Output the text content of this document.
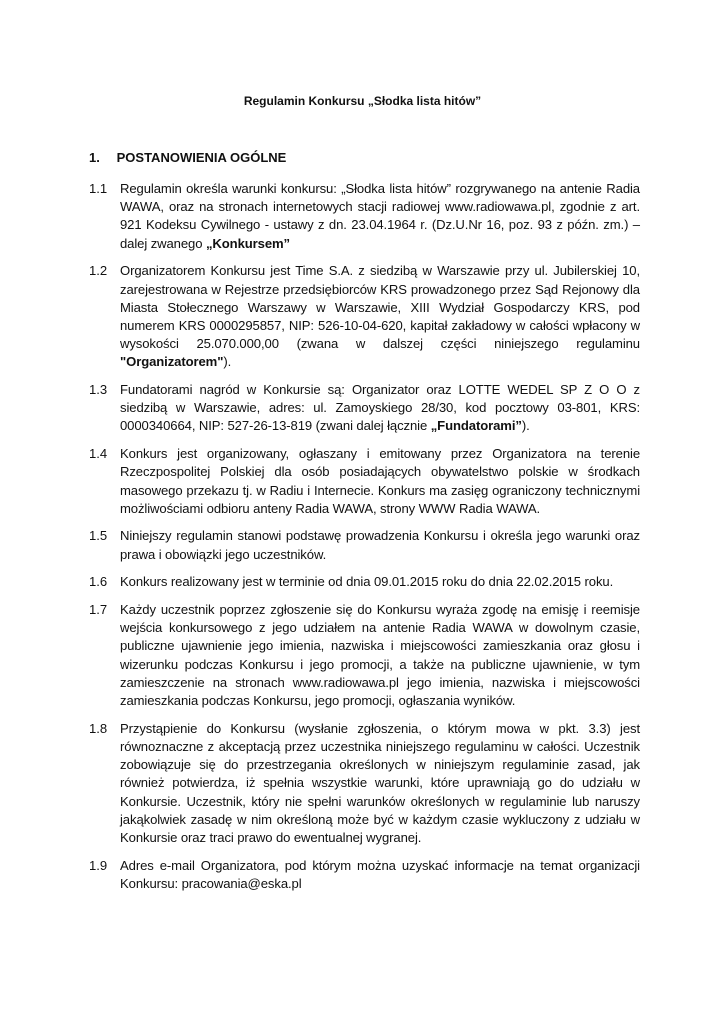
Regulamin Konkursu „Słodka lista hitów”
1. POSTANOWIENIA OGÓLNE
1.1 Regulamin określa warunki konkursu: „Słodka lista hitów” rozgrywanego na antenie Radia WAWA, oraz na stronach internetowych stacji radiowej www.radiowawa.pl, zgodnie z art. 921 Kodeksu Cywilnego - ustawy z dn. 23.04.1964 r. (Dz.U.Nr 16, poz. 93 z późn. zm.) – dalej zwanego „Konkursem”
1.2 Organizatorem Konkursu jest Time S.A. z siedzibą w Warszawie przy ul. Jubilerskiej 10, zarejestrowana w Rejestrze przedsiębiorców KRS prowadzonego przez Sąd Rejonowy dla Miasta Stołecznego Warszawy w Warszawie, XIII Wydział Gospodarczy KRS, pod numerem KRS 0000295857, NIP: 526-10-04-620, kapitał zakładowy w całości wpłacony w wysokości 25.070.000,00 (zwana w dalszej części niniejszego regulaminu "Organizatorem").
1.3 Fundatorami nagród w Konkursie są: Organizator oraz LOTTE WEDEL SP Z O O z siedzibą w Warszawie, adres: ul. Zamoyskiego 28/30, kod pocztowy 03-801, KRS: 0000340664, NIP: 527-26-13-819 (zwani dalej łącznie „Fundatorami”).
1.4 Konkurs jest organizowany, ogłaszany i emitowany przez Organizatora na terenie Rzeczpospolitej Polskiej dla osób posiadających obywatelstwo polskie w środkach masowego przekazu tj. w Radiu i Internecie. Konkurs ma zasięg ograniczony technicznymi możliwościami odbioru anteny Radia WAWA, strony WWW Radia WAWA.
1.5 Niniejszy regulamin stanowi podstawę prowadzenia Konkursu i określa jego warunki oraz prawa i obowiązki jego uczestników.
1.6 Konkurs realizowany jest w terminie od dnia 09.01.2015 roku do dnia 22.02.2015 roku.
1.7 Każdy uczestnik poprzez zgłoszenie się do Konkursu wyraża zgodę na emisję i reemisje wejścia konkursowego z jego udziałem na antenie Radia WAWA w dowolnym czasie, publiczne ujawnienie jego imienia, nazwiska i miejscowości zamieszkania oraz głosu i wizerunku podczas Konkursu i jego promocji, a także na publiczne ujawnienie, w tym zamieszczenie na stronach www.radiowawa.pl jego imienia, nazwiska i miejscowości zamieszkania podczas Konkursu, jego promocji, ogłaszania wyników.
1.8 Przystąpienie do Konkursu (wysłanie zgłoszenia, o którym mowa w pkt. 3.3) jest równoznaczne z akceptacją przez uczestnika niniejszego regulaminu w całości. Uczestnik zobowiązuje się do przestrzegania określonych w niniejszym regulaminie zasad, jak również potwierdza, iż spełnia wszystkie warunki, które uprawniają go do udziału w Konkursie. Uczestnik, który nie spełni warunków określonych w regulaminie lub naruszy jakąkolwiek zasadę w nim określoną może być w każdym czasie wykluczony z udziału w Konkursie oraz traci prawo do ewentualnej wygranej.
1.9 Adres e-mail Organizatora, pod którym można uzyskać informacje na temat organizacji Konkursu: pracowania@eska.pl
